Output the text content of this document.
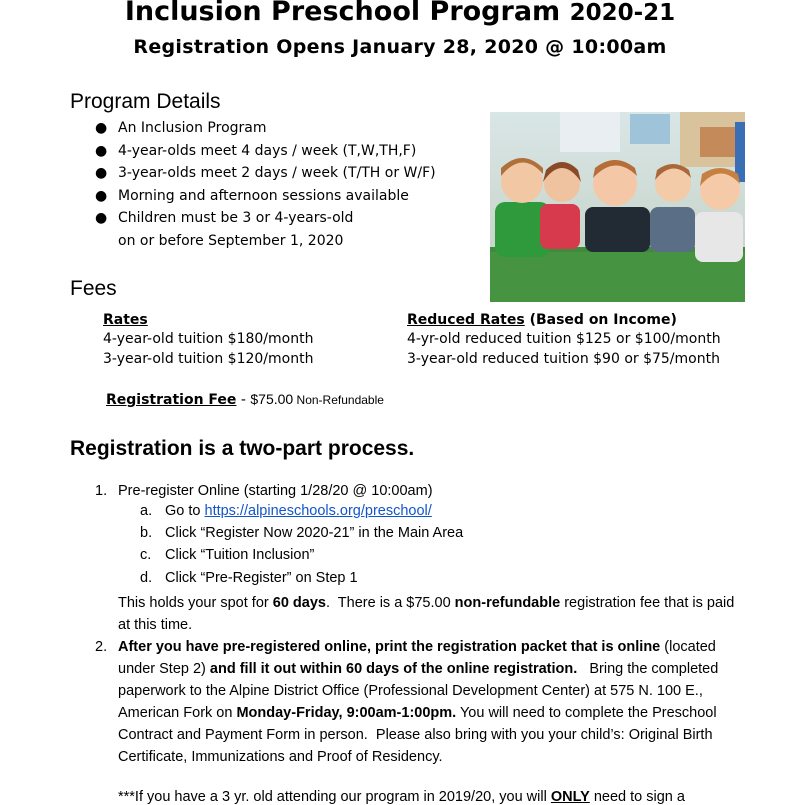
Inclusion Preschool Program 2020-21
Registration Opens January 28, 2020 @ 10:00am
Program Details
● An Inclusion Program
● 4-year-olds meet 4 days / week (T,W,TH,F)
● 3-year-olds meet 2 days / week (T/TH or W/F)
● Morning and afternoon sessions available
● Children must be 3 or 4-years-old
on or before September 1, 2020
Fees
Rates
4-year-old tuition $180/month
3-year-old tuition $120/month
Reduced Rates (Based on Income)
4-yr-old reduced tuition $125 or $100/month
3-year-old reduced tuition $90 or $75/month
Registration Fee - $75.00 Non-Refundable
Registration is a two-part process.
1. Pre-register Online (starting 1/28/20 @ 10:00am)
a. Go to https://alpineschools.org/preschool/
b. Click “Register Now 2020-21” in the Main Area
c. Click “Tuition Inclusion”
d. Click “Pre-Register” on Step 1
This holds your spot for 60 days.  There is a $75.00 non-refundable registration fee that is paid at this time.
2. After you have pre-registered online, print the registration packet that is online (located under Step 2) and fill it out within 60 days of the online registration.   Bring the completed paperwork to the Alpine District Office (Professional Development Center) at 575 N. 100 E., American Fork on Monday-Friday, 9:00am-1:00pm. You will need to complete the Preschool Contract and Payment Form in person.  Please also bring with you your child’s: Original Birth Certificate, Immunizations and Proof of Residency.
***If you have a 3 yr. old attending our program in 2019/20, you will ONLY need to sign a
